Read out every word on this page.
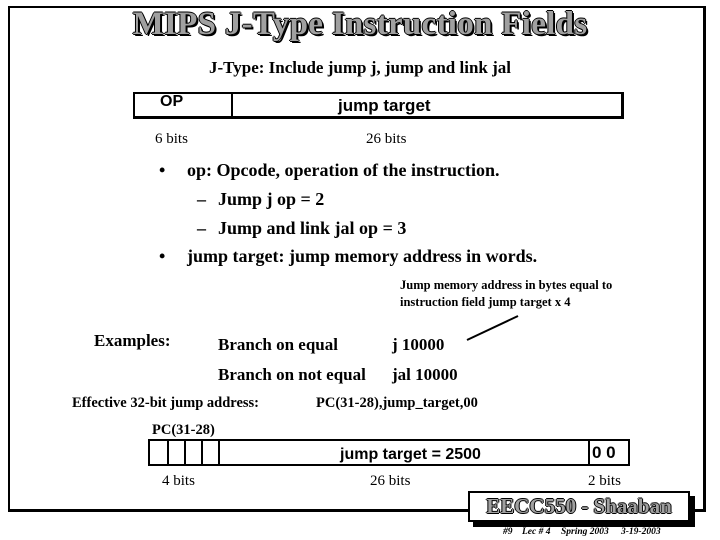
MIPS J-Type Instruction Fields
J-Type: Include jump j, jump and link jal
OP	jump target
6 bits	26 bits
• op: Opcode, operation of the instruction.
– Jump j op = 2
– Jump and link jal op = 3
• jump target: jump memory address in words.
Jump memory address in bytes equal to
instruction field jump target x 4
Examples:	Branch on equal	j 10000
Branch on not equal jal 10000
Effective 32-bit jump address:	PC(31-28),jump_target,00
PC(31-28)
jump target = 2500	0 0
4 bits	26 bits	2 bits
EECC550 - Shaaban
#9 Lec # 4 Spring 2003 3-19-2003
